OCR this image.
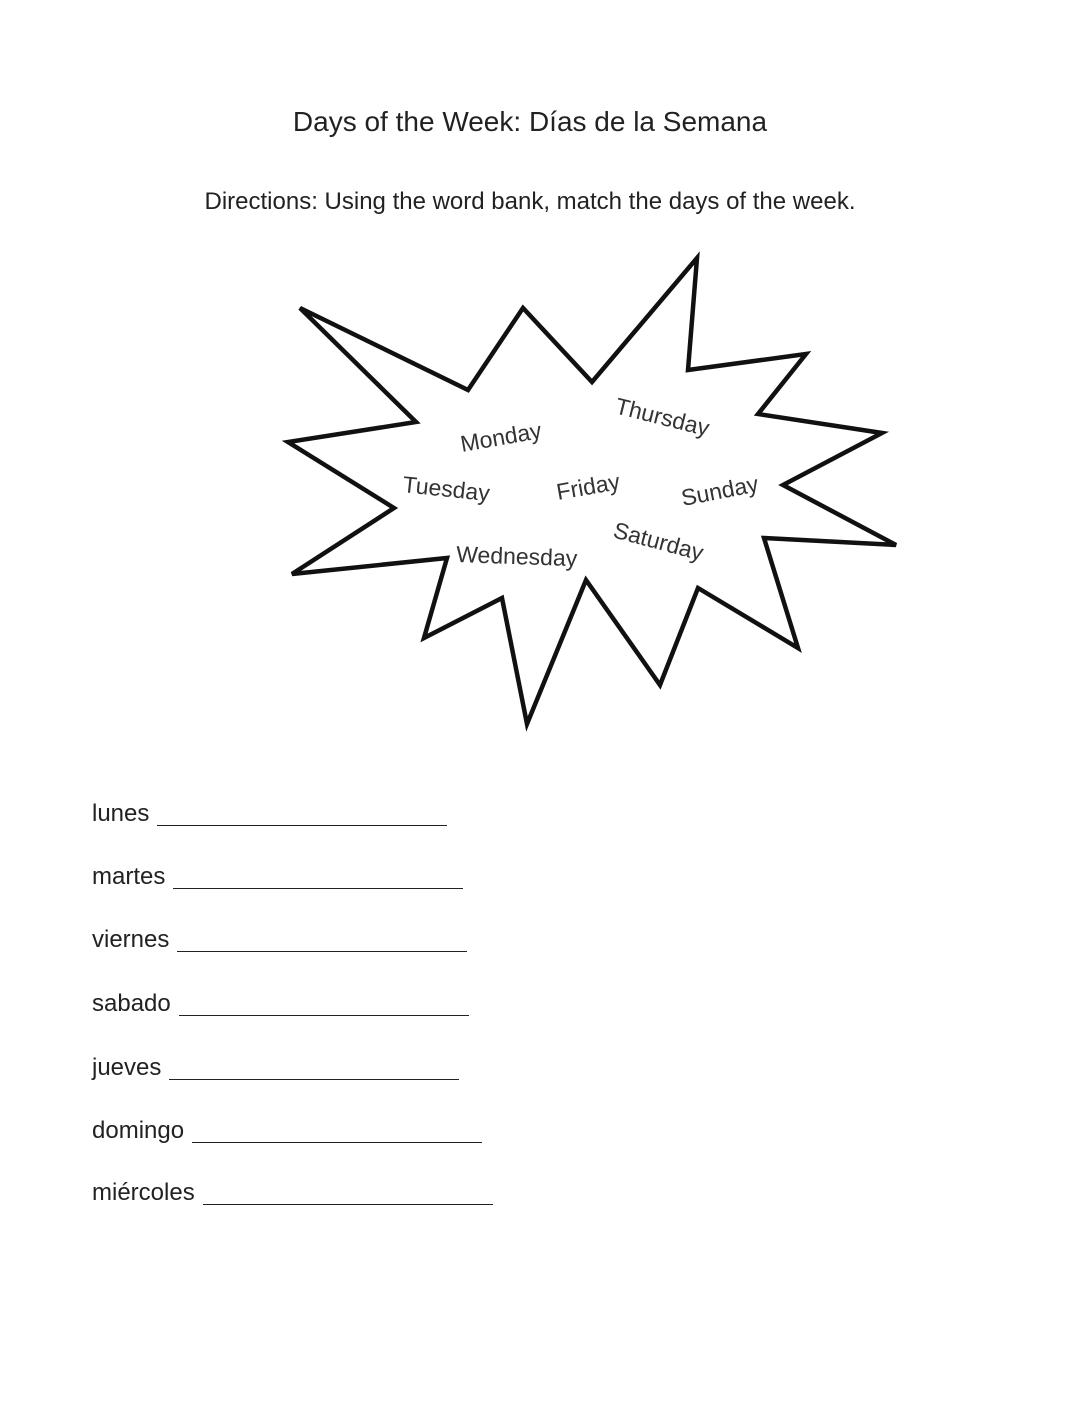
Days of the Week: Días de la Semana
Directions: Using the word bank, match the days of the week.
Monday	Thursday
Tuesday	Friday Sunday
Wednesday Saturday
lunes
martes
viernes
sabado
jueves
domingo
miércoles
